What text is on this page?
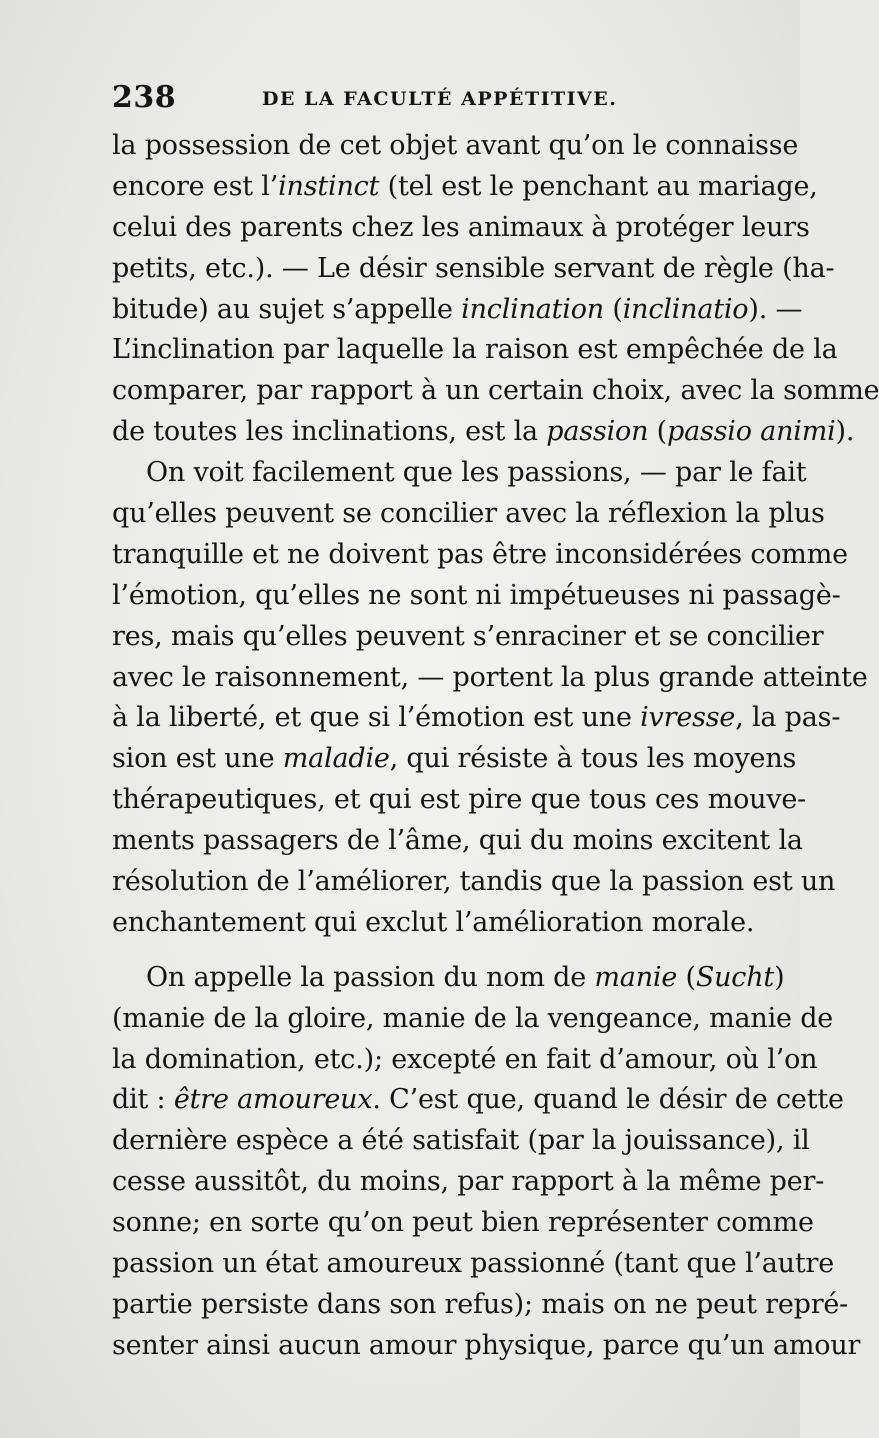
238	DE LA FACULTÉ APPÉTITIVE.
la possession de cet objet avant qu’on le connaisse
encore est l’instinct (tel est le penchant au mariage,
celui des parents chez les animaux à protéger leurs
petits, etc.). — Le désir sensible servant de règle (ha-
bitude) au sujet s’appelle inclination (inclinatio). —
L’inclination par laquelle la raison est empêchée de la
comparer, par rapport à un certain choix, avec la somme
de toutes les inclinations, est la passion (passio animi).
On voit facilement que les passions, — par le fait
qu’elles peuvent se concilier avec la réflexion la plus
tranquille et ne doivent pas être inconsidérées comme
l’émotion, qu’elles ne sont ni impétueuses ni passagè-
res, mais qu’elles peuvent s’enraciner et se concilier
avec le raisonnement, — portent la plus grande atteinte
à la liberté, et que si l’émotion est une ivresse, la pas-
sion est une maladie, qui résiste à tous les moyens
thérapeutiques, et qui est pire que tous ces mouve-
ments passagers de l’âme, qui du moins excitent la
résolution de l’améliorer, tandis que la passion est un
enchantement qui exclut l’amélioration morale.
On appelle la passion du nom de manie (Sucht)
(manie de la gloire, manie de la vengeance, manie de
la domination, etc.); excepté en fait d’amour, où l’on
dit : être amoureux. C’est que, quand le désir de cette
dernière espèce a été satisfait (par la jouissance), il
cesse aussitôt, du moins, par rapport à la même per-
sonne; en sorte qu’on peut bien représenter comme
passion un état amoureux passionné (tant que l’autre
partie persiste dans son refus); mais on ne peut repré-
senter ainsi aucun amour physique, parce qu’un amour
